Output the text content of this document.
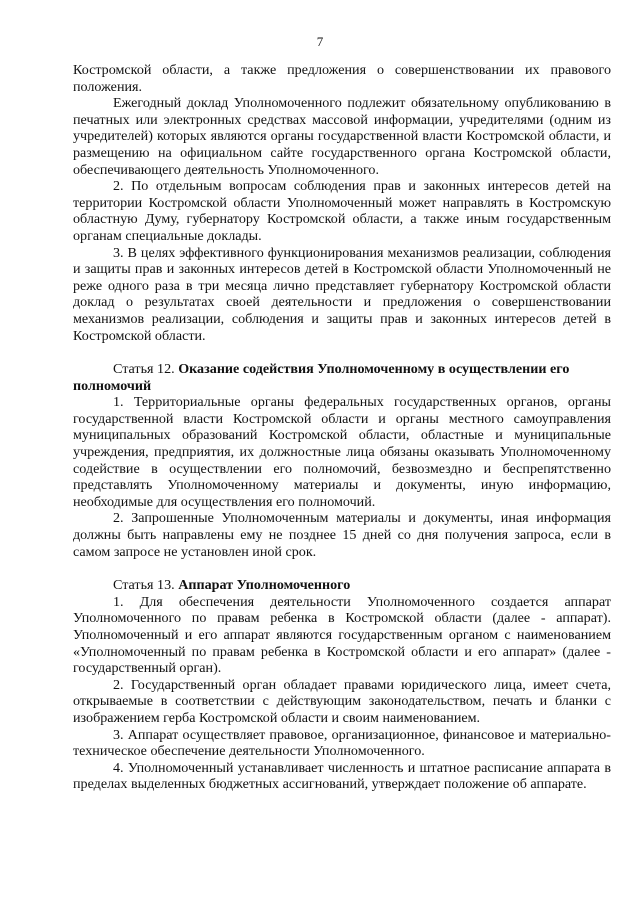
7

Костромской области, а также предложения о совершенствовании их правового положения.

Ежегодный доклад Уполномоченного подлежит обязательному опубликованию в печатных или электронных средствах массовой информации, учредителями (одним из учредителей) которых являются органы государственной власти Костромской области, и размещению на официальном сайте государственного органа Костромской области, обеспечивающего деятельность Уполномоченного.

2. По отдельным вопросам соблюдения прав и законных интересов детей на территории Костромской области Уполномоченный может направлять в Костромскую областную Думу, губернатору Костромской области, а также иным государственным органам специальные доклады.

3. В целях эффективного функционирования механизмов реализации, соблюдения и защиты прав и законных интересов детей в Костромской области Уполномоченный не реже одного раза в три месяца лично представляет губернатору Костромской области доклад о результатах своей деятельности и предложения о совершенствовании механизмов реализации, соблюдения и защиты прав и законных интересов детей в Костромской области.

Статья 12. Оказание содействия Уполномоченному в осуществлении его полномочий

1. Территориальные органы федеральных государственных органов, органы государственной власти Костромской области и органы местного самоуправления муниципальных образований Костромской области, областные и муниципальные учреждения, предприятия, их должностные лица обязаны оказывать Уполномоченному содействие в осуществлении его полномочий, безвозмездно и беспрепятственно представлять Уполномоченному материалы и документы, иную информацию, необходимые для осуществления его полномочий.

2. Запрошенные Уполномоченным материалы и документы, иная информация должны быть направлены ему не позднее 15 дней со дня получения запроса, если в самом запросе не установлен иной срок.

Статья 13. Аппарат Уполномоченного

1. Для обеспечения деятельности Уполномоченного создается аппарат Уполномоченного по правам ребенка в Костромской области (далее - аппарат). Уполномоченный и его аппарат являются государственным органом с наименованием «Уполномоченный по правам ребенка в Костромской области и его аппарат» (далее - государственный орган).

2. Государственный орган обладает правами юридического лица, имеет счета, открываемые в соответствии с действующим законодательством, печать и бланки с изображением герба Костромской области и своим наименованием.

3. Аппарат осуществляет правовое, организационное, финансовое и материально-техническое обеспечение деятельности Уполномоченного.

4. Уполномоченный устанавливает численность и штатное расписание аппарата в пределах выделенных бюджетных ассигнований, утверждает положение об аппарате.
